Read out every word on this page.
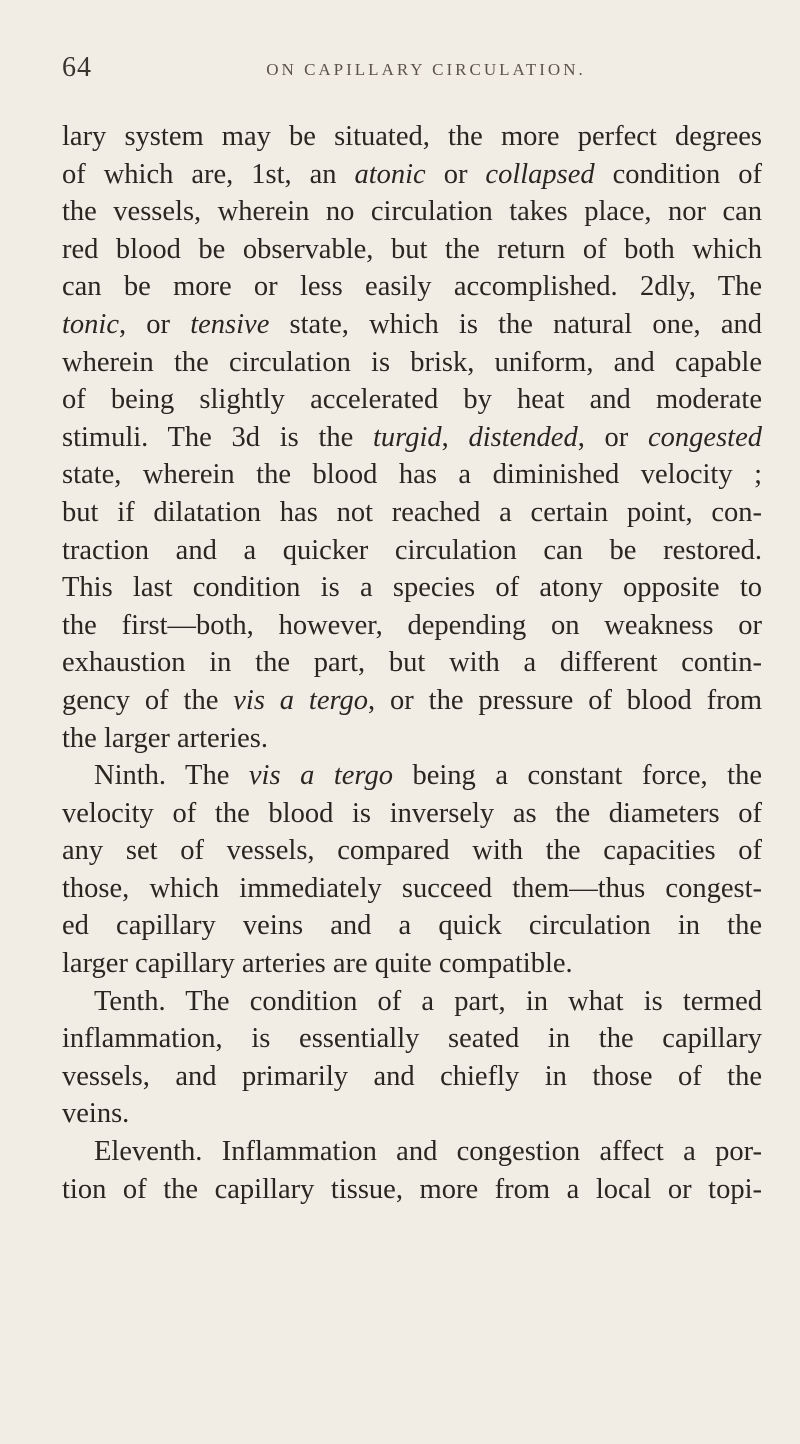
64	ON CAPILLARY CIRCULATION.
lary system may be situated, the more perfect degrees
of which are, 1st, an atonic or collapsed condition of
the vessels, wherein no circulation takes place, nor can
red blood be observable, but the return of both which
can be more or less easily accomplished. 2dly, The
tonic, or tensive state, which is the natural one, and
wherein the circulation is brisk, uniform, and capable
of being slightly accelerated by heat and moderate
stimuli. The 3d is the turgid, distended, or congested
state, wherein the blood has a diminished velocity ;
but if dilatation has not reached a certain point, con-
traction and a quicker circulation can be restored.
This last condition is a species of atony opposite to
the first—both, however, depending on weakness or
exhaustion in the part, but with a different contin-
gency of the vis a tergo, or the pressure of blood from
the larger arteries.
Ninth. The vis a tergo being a constant force, the
velocity of the blood is inversely as the diameters of
any set of vessels, compared with the capacities of
those, which immediately succeed them—thus congest-
ed capillary veins and a quick circulation in the
larger capillary arteries are quite compatible.
Tenth. The condition of a part, in what is termed
inflammation, is essentially seated in the capillary
vessels, and primarily and chiefly in those of the
veins.
Eleventh. Inflammation and congestion affect a por-
tion of the capillary tissue, more from a local or topi-
